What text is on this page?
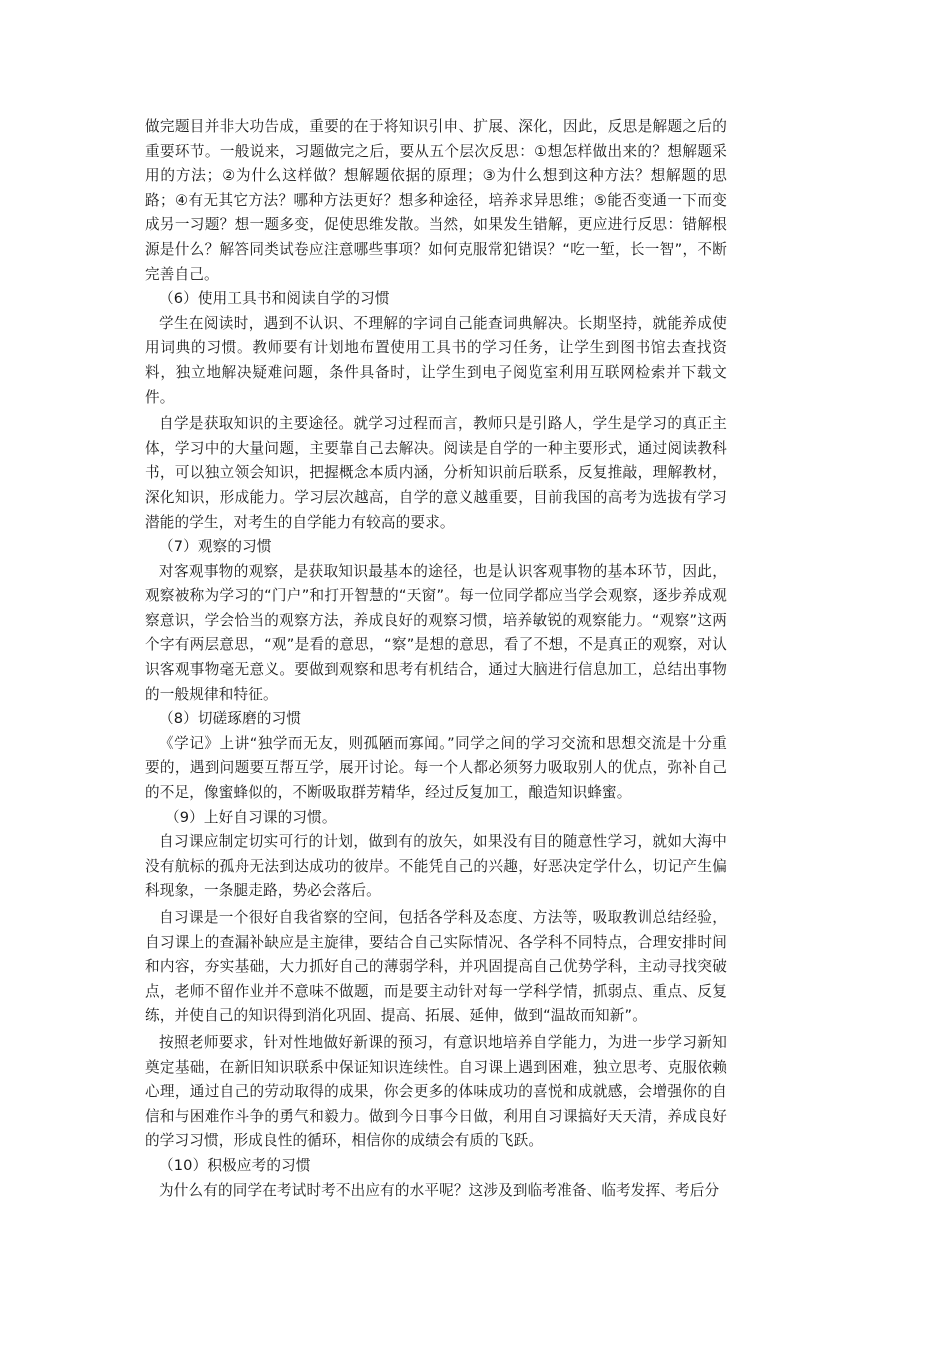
做完题目并非大功告成，重要的在于将知识引申、扩展、深化，因此，反思是解题之后的重要环节。一般说来，习题做完之后，要从五个层次反思：①想怎样做出来的？想解题采用的方法；②为什么这样做？想解题依据的原理；③为什么想到这种方法？想解题的思路；④有无其它方法？哪种方法更好？想多种途径，培养求异思维；⑤能否变通一下而变成另一习题？想一题多变，促使思维发散。当然，如果发生错解，更应进行反思：错解根源是什么？解答同类试卷应注意哪些事项？如何克服常犯错误？“吃一堑，长一智”，不断完善自己。

（6）使用工具书和阅读自学的习惯

学生在阅读时，遇到不认识、不理解的字词自己能查词典解决。长期坚持，就能养成使用词典的习惯。教师要有计划地布置使用工具书的学习任务，让学生到图书馆去查找资料，独立地解决疑难问题，条件具备时，让学生到电子阅览室利用互联网检索并下载文件。

自学是获取知识的主要途径。就学习过程而言，教师只是引路人，学生是学习的真正主体，学习中的大量问题，主要靠自己去解决。阅读是自学的一种主要形式，通过阅读教科书，可以独立领会知识，把握概念本质内涵，分析知识前后联系，反复推敲，理解教材，深化知识，形成能力。学习层次越高，自学的意义越重要，目前我国的高考为选拔有学习潜能的学生，对考生的自学能力有较高的要求。

（7）观察的习惯

对客观事物的观察，是获取知识最基本的途径，也是认识客观事物的基本环节，因此，观察被称为学习的“门户”和打开智慧的“天窗”。每一位同学都应当学会观察，逐步养成观察意识，学会恰当的观察方法，养成良好的观察习惯，培养敏锐的观察能力。“观察”这两个字有两层意思，“观”是看的意思，“察”是想的意思，看了不想，不是真正的观察，对认识客观事物毫无意义。要做到观察和思考有机结合，通过大脑进行信息加工，总结出事物的一般规律和特征。

（8）切磋琢磨的习惯

《学记》上讲“独学而无友，则孤陋而寡闻。”同学之间的学习交流和思想交流是十分重要的，遇到问题要互帮互学，展开讨论。每一个人都必须努力吸取别人的优点，弥补自己的不足，像蜜蜂似的，不断吸取群芳精华，经过反复加工，酿造知识蜂蜜。

（9）上好自习课的习惯。

自习课应制定切实可行的计划，做到有的放矢，如果没有目的随意性学习，就如大海中没有航标的孤舟无法到达成功的彼岸。不能凭自己的兴趣，好恶决定学什么，切记产生偏科现象，一条腿走路，势必会落后。

自习课是一个很好自我省察的空间，包括各学科及态度、方法等，吸取教训总结经验，自习课上的查漏补缺应是主旋律，要结合自己实际情况、各学科不同特点，合理安排时间和内容，夯实基础，大力抓好自己的薄弱学科，并巩固提高自己优势学科，主动寻找突破点，老师不留作业并不意味不做题，而是要主动针对每一学科学情，抓弱点、重点、反复练，并使自己的知识得到消化巩固、提高、拓展、延伸，做到“温故而知新”。

按照老师要求，针对性地做好新课的预习，有意识地培养自学能力，为进一步学习新知奠定基础，在新旧知识联系中保证知识连续性。自习课上遇到困难，独立思考、克服依赖心理，通过自己的劳动取得的成果，你会更多的体味成功的喜悦和成就感，会增强你的自信和与困难作斗争的勇气和毅力。做到今日事今日做，利用自习课搞好天天清，养成良好的学习习惯，形成良性的循环，相信你的成绩会有质的飞跃。

（10）积极应考的习惯

为什么有的同学在考试时考不出应有的水平呢？这涉及到临考准备、临考发挥、考后分
